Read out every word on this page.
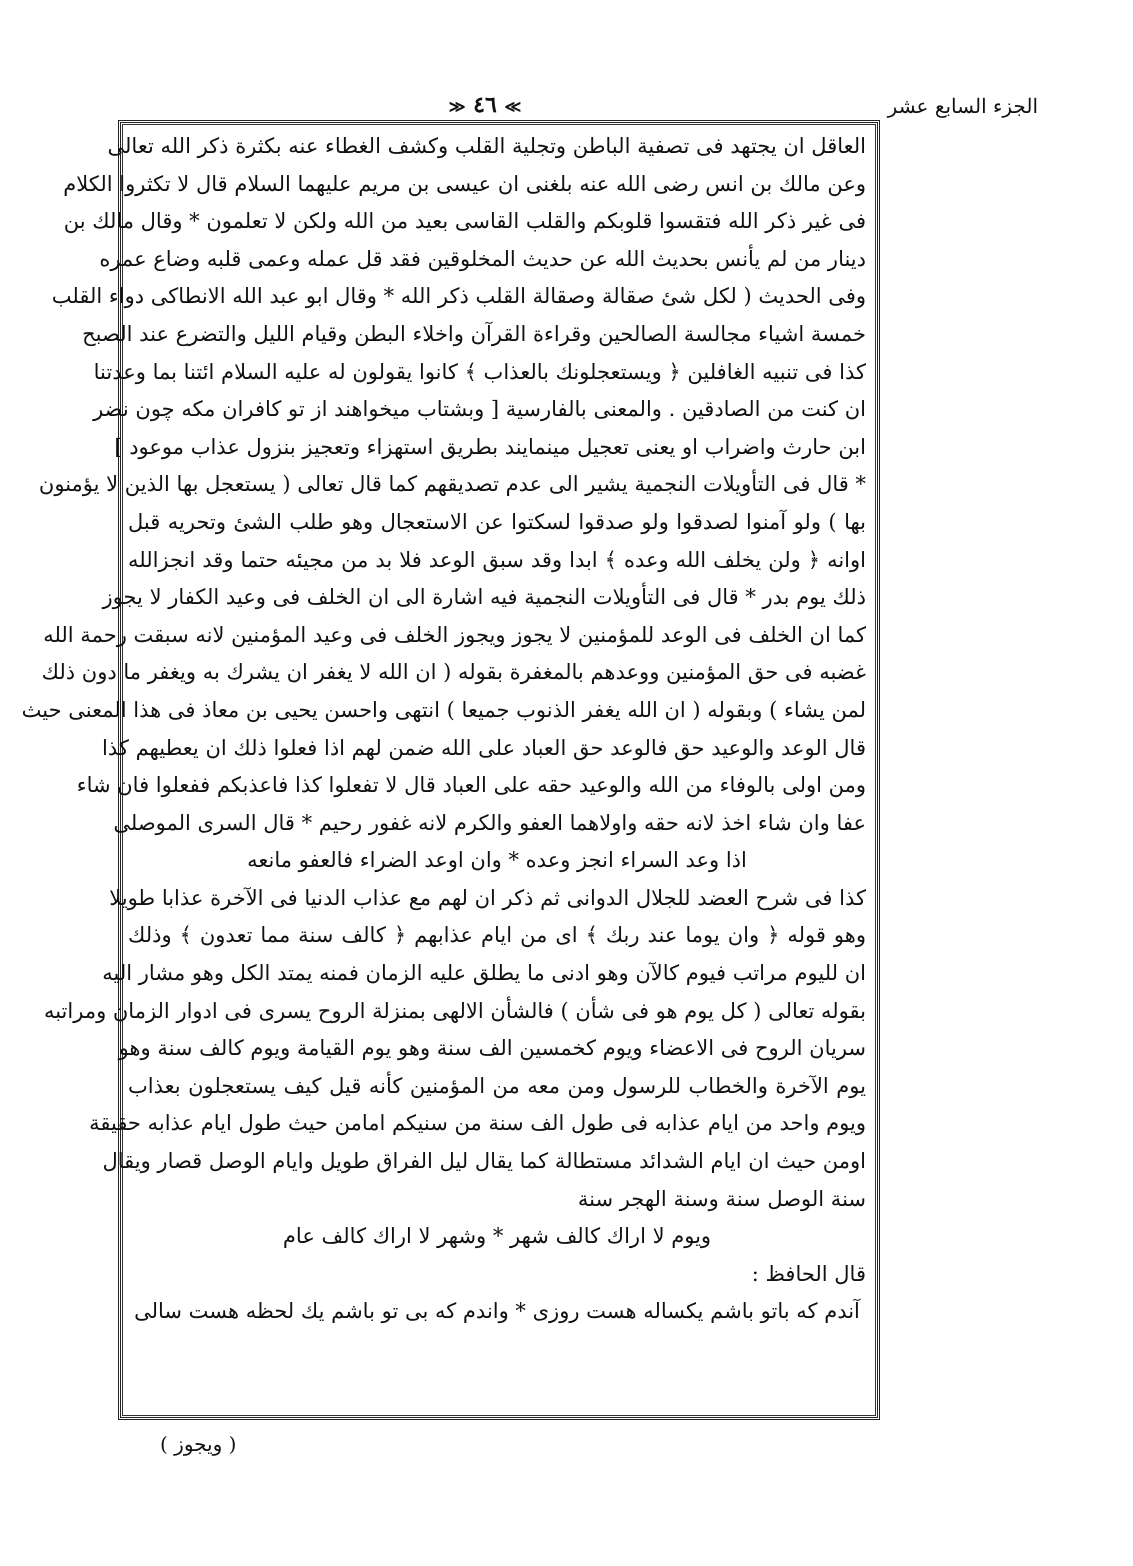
الجزء السابع عشر
≫ ٤٦ ≪
العاقل ان يجتهد فى تصفية الباطن وتجلية القلب وكشف الغطاء عنه بكثرة ذكر الله تعالى
وعن مالك بن انس رضى الله عنه بلغنى ان عيسى بن مريم عليهما السلام قال لا تكثروا الكلام
فى غير ذكر الله فتقسوا قلوبكم والقلب القاسى بعيد من الله ولكن لا تعلمون * وقال مالك بن
دينار من لم يأنس بحديث الله عن حديث المخلوقين فقد قل عمله وعمى قلبه وضاع عمره
وفى الحديث ( لكل شئ صقالة وصقالة القلب ذكر الله * وقال ابو عبد الله الانطاكى دواء القلب
خمسة اشياء مجالسة الصالحين وقراءة القرآن واخلاء البطن وقيام الليل والتضرع عند الصبح
كذا فى تنبيه الغافلين ﴿ ويستعجلونك بالعذاب ﴾ كانوا يقولون له عليه السلام ائتنا بما وعدتنا
ان كنت من الصادقين . والمعنى بالفارسية [ وبشتاب ميخواهند از تو كافران مكه چون نضر
ابن حارث واضراب او يعنى تعجيل مينمايند بطريق استهزاء وتعجيز بنزول عذاب موعود ]
* قال فى التأويلات النجمية يشير الى عدم تصديقهم كما قال تعالى ( يستعجل بها الذين لا يؤمنون
بها ) ولو آمنوا لصدقوا ولو صدقوا لسكتوا عن الاستعجال وهو طلب الشئ وتحريه قبل
اوانه ﴿ ولن يخلف الله وعده ﴾ ابدا وقد سبق الوعد فلا بد من مجيئه حتما وقد انجزالله
ذلك يوم بدر * قال فى التأويلات النجمية فيه اشارة الى ان الخلف فى وعيد الكفار لا يجوز
كما ان الخلف فى الوعد للمؤمنين لا يجوز ويجوز الخلف فى وعيد المؤمنين لانه سبقت رحمة الله
غضبه فى حق المؤمنين ووعدهم بالمغفرة بقوله ( ان الله لا يغفر ان يشرك به ويغفر ما دون ذلك
لمن يشاء ) وبقوله ( ان الله يغفر الذنوب جميعا ) انتهى واحسن يحيى بن معاذ فى هذا المعنى حيث
قال الوعد والوعيد حق فالوعد حق العباد على الله ضمن لهم اذا فعلوا ذلك ان يعطيهم كذا
ومن اولى بالوفاء من الله والوعيد حقه على العباد قال لا تفعلوا كذا فاعذبكم ففعلوا فان شاء
عفا وان شاء اخذ لانه حقه واولاهما العفو والكرم لانه غفور رحيم * قال السرى الموصلى
اذا وعد السراء انجز وعده * وان اوعد الضراء فالعفو مانعه
كذا فى شرح العضد للجلال الدوانى ثم ذكر ان لهم مع عذاب الدنيا فى الآخرة عذابا طويلا
وهو قوله ﴿ وان يوما عند ربك ﴾ اى من ايام عذابهم ﴿ كالف سنة مما تعدون ﴾ وذلك
ان لليوم مراتب فيوم كالآن وهو ادنى ما يطلق عليه الزمان فمنه يمتد الكل وهو مشار اليه
بقوله تعالى ( كل يوم هو فى شأن ) فالشأن الالهى بمنزلة الروح يسرى فى ادوار الزمان ومراتبه
سريان الروح فى الاعضاء ويوم كخمسين الف سنة وهو يوم القيامة ويوم كالف سنة وهو
يوم الآخرة والخطاب للرسول ومن معه من المؤمنين كأنه قيل كيف يستعجلون بعذاب
ويوم واحد من ايام عذابه فى طول الف سنة من سنيكم امامن حيث طول ايام عذابه حقيقة
اومن حيث ان ايام الشدائد مستطالة كما يقال ليل الفراق طويل وايام الوصل قصار ويقال
سنة الوصل سنة وسنة الهجر سنة
ويوم لا اراك كالف شهر * وشهر لا اراك كالف عام
قال الحافظ :
آندم كه باتو باشم يكساله هست روزى * واندم كه بى تو باشم يك لحظه هست سالى
( ويجوز )
